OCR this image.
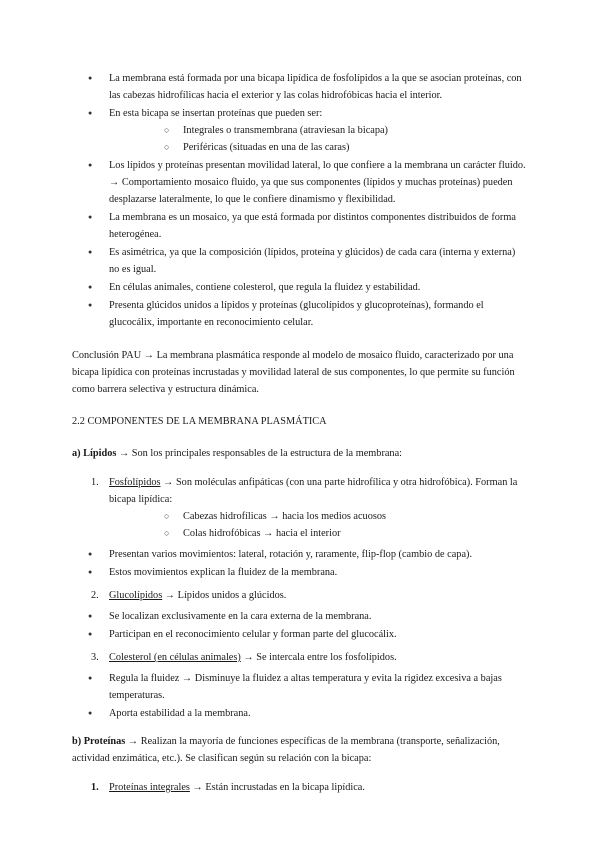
● La membrana está formada por una bicapa lipídica de fosfolípidos a la que se asocian proteínas, con las cabezas hidrofílicas hacia el exterior y las colas hidrofóbicas hacia el interior.
● En esta bicapa se insertan proteínas que pueden ser:
○ Integrales o transmembrana (atraviesan la bicapa)
○ Periféricas (situadas en una de las caras)
● Los lípidos y proteínas presentan movilidad lateral, lo que confiere a la membrana un carácter fluido. → Comportamiento mosaico fluido, ya que sus componentes (lípidos y muchas proteínas) pueden desplazarse lateralmente, lo que le confiere dinamismo y flexibilidad.
● La membrana es un mosaico, ya que está formada por distintos componentes distribuidos de forma heterogénea.
● Es asimétrica, ya que la composición (lípidos, proteína y glúcidos) de cada cara (interna y externa) no es igual.
● En células animales, contiene colesterol, que regula la fluidez y estabilidad.
● Presenta glúcidos unidos a lípidos y proteínas (glucolípidos y glucoproteínas), formando el glucocálix, importante en reconocimiento celular.

Conclusión PAU → La membrana plasmática responde al modelo de mosaico fluido, caracterizado por una bicapa lipídica con proteínas incrustadas y movilidad lateral de sus componentes, lo que permite su función como barrera selectiva y estructura dinámica.

2.2 COMPONENTES DE LA MEMBRANA PLASMÁTICA

a) Lípidos → Son los principales responsables de la estructura de la membrana:

1. Fosfolípidos → Son moléculas anfipáticas (con una parte hidrofílica y otra hidrofóbica). Forman la bicapa lipídica:
○ Cabezas hidrofílicas → hacia los medios acuosos
○ Colas hidrofóbicas → hacia el interior
● Presentan varios movimientos: lateral, rotación y, raramente, flip-flop (cambio de capa).
● Estos movimientos explican la fluidez de la membrana.
2. Glucolípidos → Lípidos unidos a glúcidos.
● Se localizan exclusivamente en la cara externa de la membrana.
● Participan en el reconocimiento celular y forman parte del glucocálix.
3. Colesterol (en células animales) → Se intercala entre los fosfolípidos.
● Regula la fluidez → Disminuye la fluidez a altas temperatura y evita la rigidez excesiva a bajas temperaturas.
● Aporta estabilidad a la membrana.

b) Proteínas → Realizan la mayoría de funciones específicas de la membrana (transporte, señalización, actividad enzimática, etc.). Se clasifican según su relación con la bicapa:

1. Proteínas integrales → Están incrustadas en la bicapa lipídica.
